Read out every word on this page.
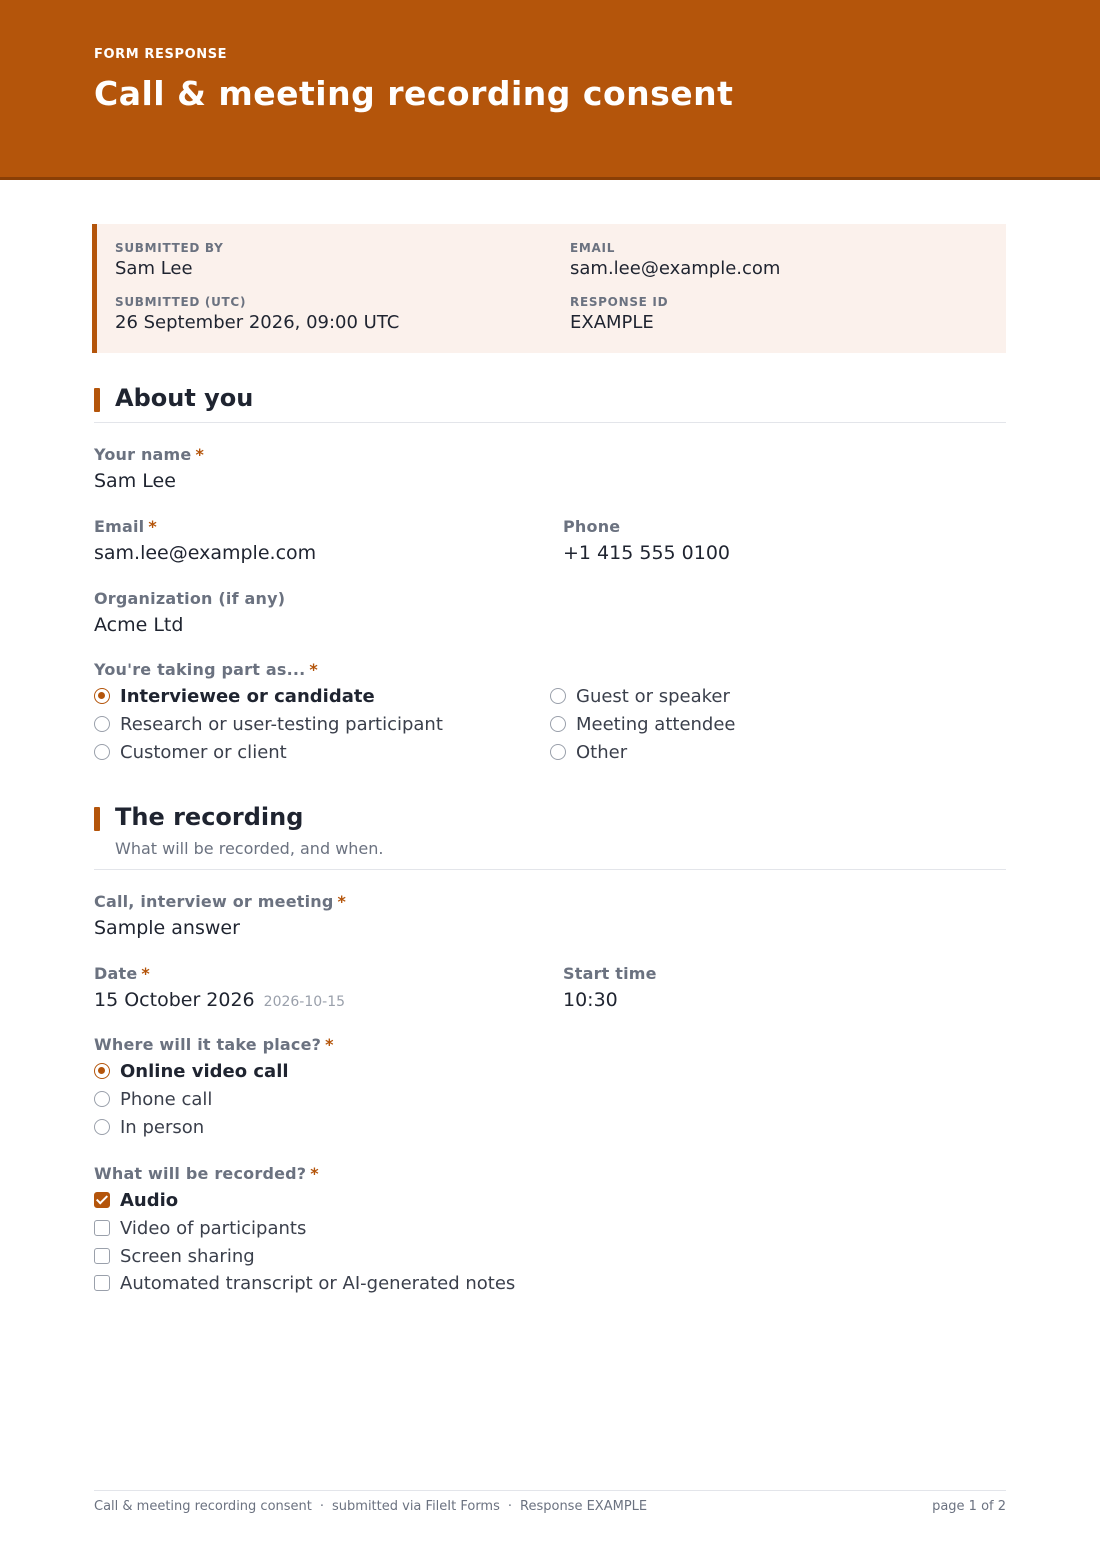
FORM RESPONSE
Call & meeting recording consent
SUBMITTED BY
Sam Lee
EMAIL
sam.lee@example.com
SUBMITTED (UTC)
26 September 2026, 09:00 UTC
RESPONSE ID
EXAMPLE
About you
Your name *
Sam Lee
Email *
sam.lee@example.com
Phone
+1 415 555 0100
Organization (if any)
Acme Ltd
You're taking part as... *
Interviewee or candidate
Research or user-testing participant
Customer or client
Guest or speaker
Meeting attendee
Other
The recording
What will be recorded, and when.
Call, interview or meeting *
Sample answer
Date *
15 October 2026 2026-10-15
Start time
10:30
Where will it take place? *
Online video call
Phone call
In person
What will be recorded? *
Audio
Video of participants
Screen sharing
Automated transcript or AI-generated notes
Call & meeting recording consent · submitted via FileIt Forms · Response EXAMPLE	page 1 of 2
